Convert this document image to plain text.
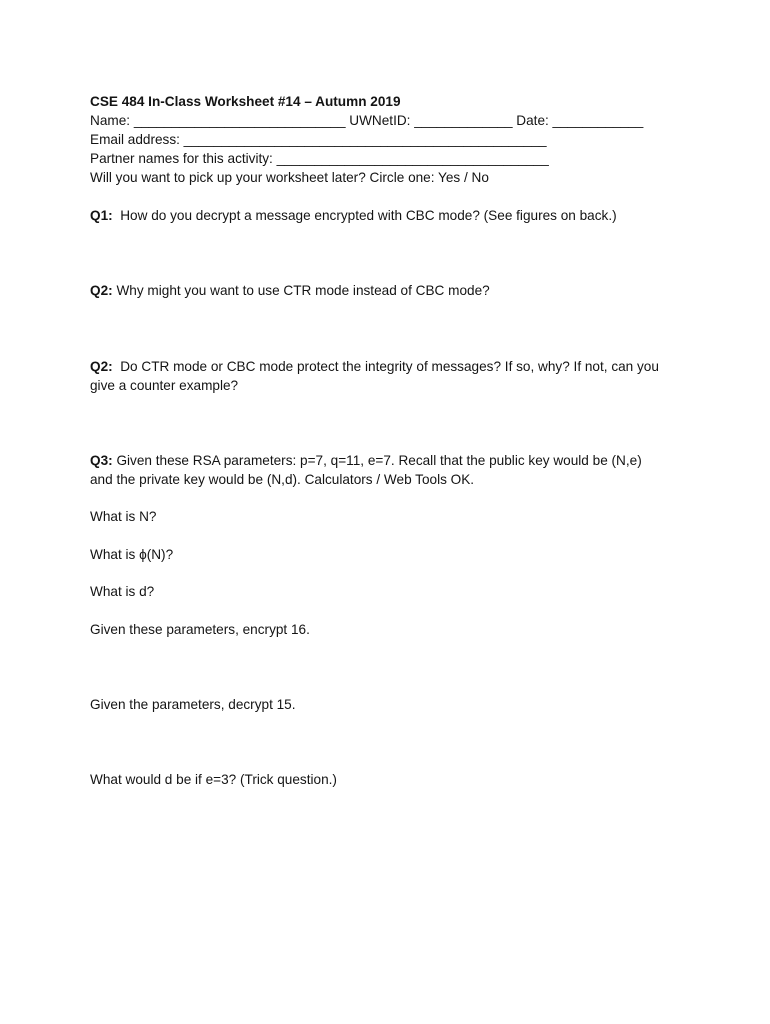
CSE 484 In-Class Worksheet #14 – Autumn 2019
Name: ____________________________ UWNetID: _____________ Date: ____________
Email address: ________________________________________________
Partner names for this activity: ____________________________________
Will you want to pick up your worksheet later? Circle one: Yes / No
Q1:  How do you decrypt a message encrypted with CBC mode? (See figures on back.)
Q2: Why might you want to use CTR mode instead of CBC mode?
Q2:  Do CTR mode or CBC mode protect the integrity of messages? If so, why? If not, can you
give a counter example?
Q3: Given these RSA parameters: p=7, q=11, e=7. Recall that the public key would be (N,e)
and the private key would be (N,d). Calculators / Web Tools OK.
What is N?
What is ϕ(N)?
What is d?
Given these parameters, encrypt 16.
Given the parameters, decrypt 15.
What would d be if e=3? (Trick question.)
